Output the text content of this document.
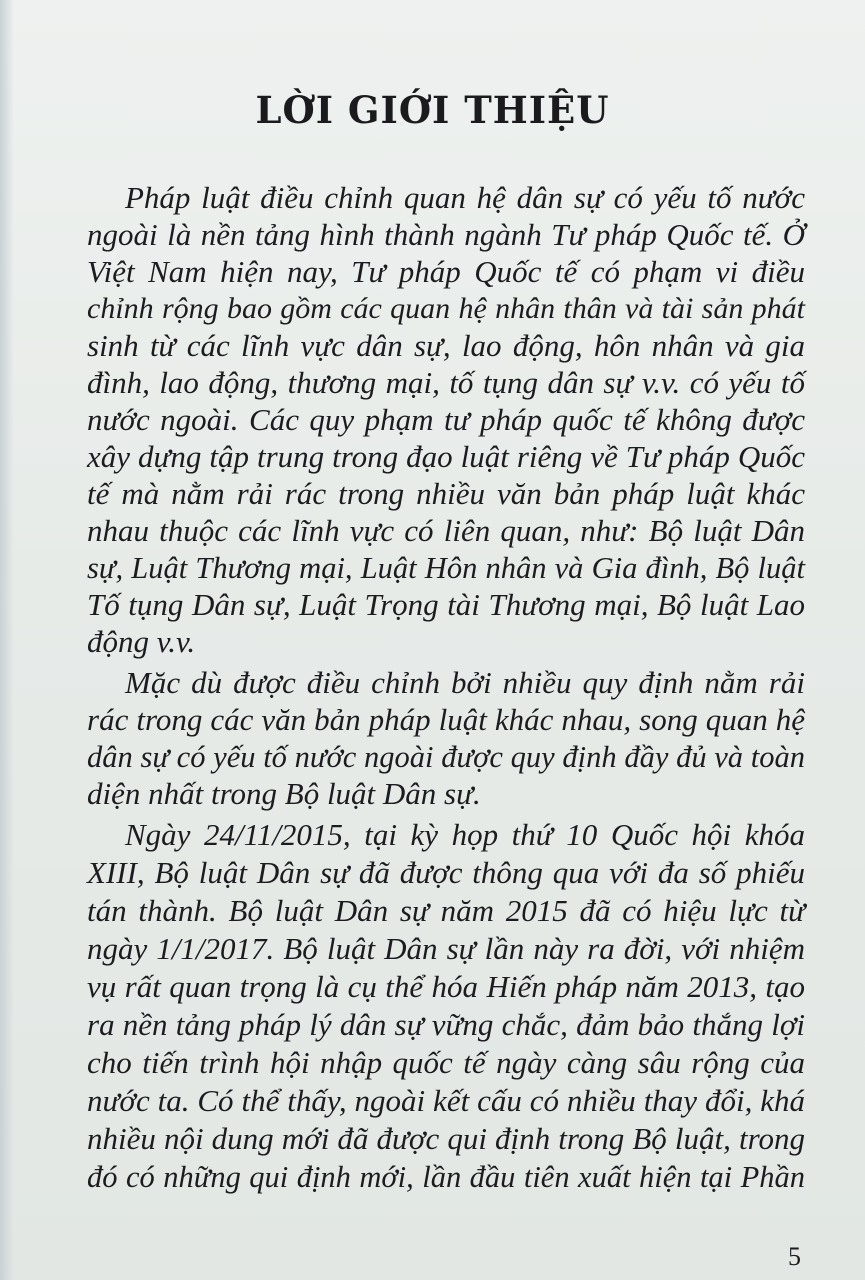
LỜI GIỚI THIỆU
Pháp luật điều chỉnh quan hệ dân sự có yếu tố nước
ngoài là nền tảng hình thành ngành Tư pháp Quốc tế. Ở
Việt Nam hiện nay, Tư pháp Quốc tế có phạm vi điều
chỉnh rộng bao gồm các quan hệ nhân thân và tài sản phát
sinh từ các lĩnh vực dân sự, lao động, hôn nhân và gia
đình, lao động, thương mại, tố tụng dân sự v.v. có yếu tố
nước ngoài. Các quy phạm tư pháp quốc tế không được
xây dựng tập trung trong đạo luật riêng về Tư pháp Quốc
tế mà nằm rải rác trong nhiều văn bản pháp luật khác
nhau thuộc các lĩnh vực có liên quan, như: Bộ luật Dân
sự, Luật Thương mại, Luật Hôn nhân và Gia đình, Bộ luật
Tố tụng Dân sự, Luật Trọng tài Thương mại, Bộ luật Lao
động v.v.
Mặc dù được điều chỉnh bởi nhiều quy định nằm rải
rác trong các văn bản pháp luật khác nhau, song quan hệ
dân sự có yếu tố nước ngoài được quy định đầy đủ và toàn
diện nhất trong Bộ luật Dân sự.
Ngày 24/11/2015, tại kỳ họp thứ 10 Quốc hội khóa
XIII, Bộ luật Dân sự đã được thông qua với đa số phiếu
tán thành. Bộ luật Dân sự năm 2015 đã có hiệu lực từ
ngày 1/1/2017. Bộ luật Dân sự lần này ra đời, với nhiệm
vụ rất quan trọng là cụ thể hóa Hiến pháp năm 2013, tạo
ra nền tảng pháp lý dân sự vững chắc, đảm bảo thắng lợi
cho tiến trình hội nhập quốc tế ngày càng sâu rộng của
nước ta. Có thể thấy, ngoài kết cấu có nhiều thay đổi, khá
nhiều nội dung mới đã được qui định trong Bộ luật, trong
đó có những qui định mới, lần đầu tiên xuất hiện tại Phần
5
